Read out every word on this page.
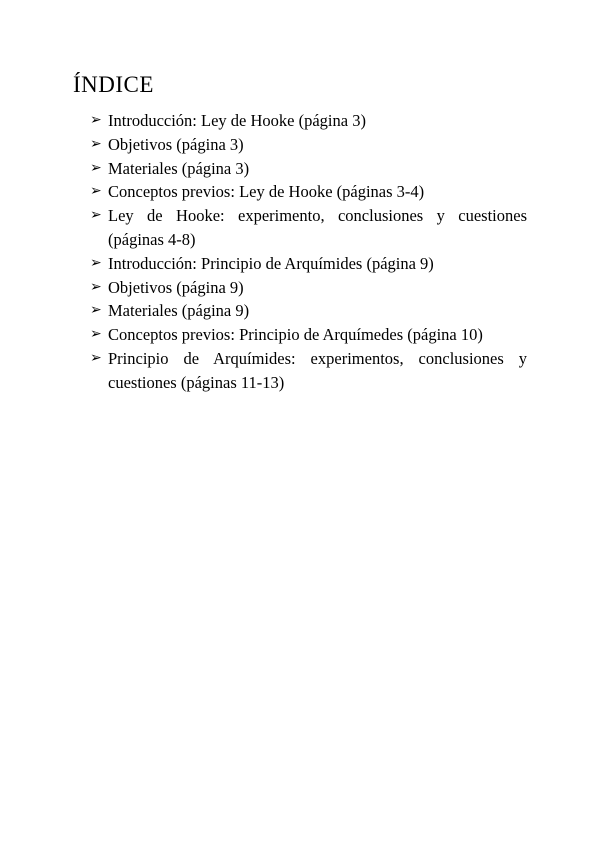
ÍNDICE
➢ Introducción: Ley de Hooke (página 3)
➢ Objetivos (página 3)
➢ Materiales (página 3)
➢ Conceptos previos: Ley de Hooke (páginas 3-4)
➢ Ley de Hooke: experimento, conclusiones y cuestiones (páginas 4-8)
➢ Introducción: Principio de Arquímides (página 9)
➢ Objetivos (página 9)
➢ Materiales (página 9)
➢ Conceptos previos: Principio de Arquímedes (página 10)
➢ Principio de Arquímides: experimentos, conclusiones y cuestiones (páginas 11-13)
